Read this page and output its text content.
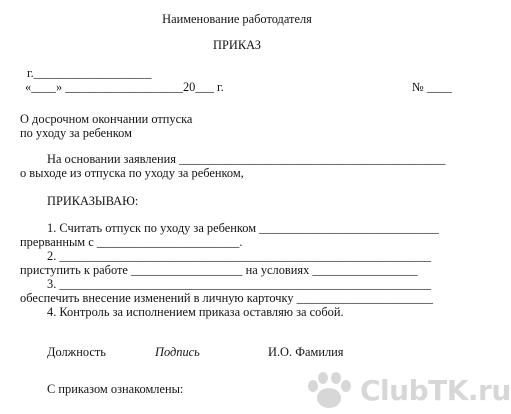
Наименование работодателя
ПРИКАЗ
г.___________________
«____» ___________________20___ г.	№ ____
О досрочном окончании отпуска
по уходу за ребенком
На основании заявления ___________________________________________
о выходе из отпуска по уходу за ребенком,
ПРИКАЗЫВАЮ:
1. Считать отпуск по уходу за ребенком _____________________________
прерванным с _______________________.
2. ____________________________________________________________
приступить к работе __________________ на условиях _________________
3. ____________________________________________________________
обеспечить внесение изменений в личную карточку ______________________
4. Контроль за исполнением приказа оставляю за собой.
Должность	Подпись	И.О. Фамилия
С приказом ознакомлены:	ClubTK.ru
